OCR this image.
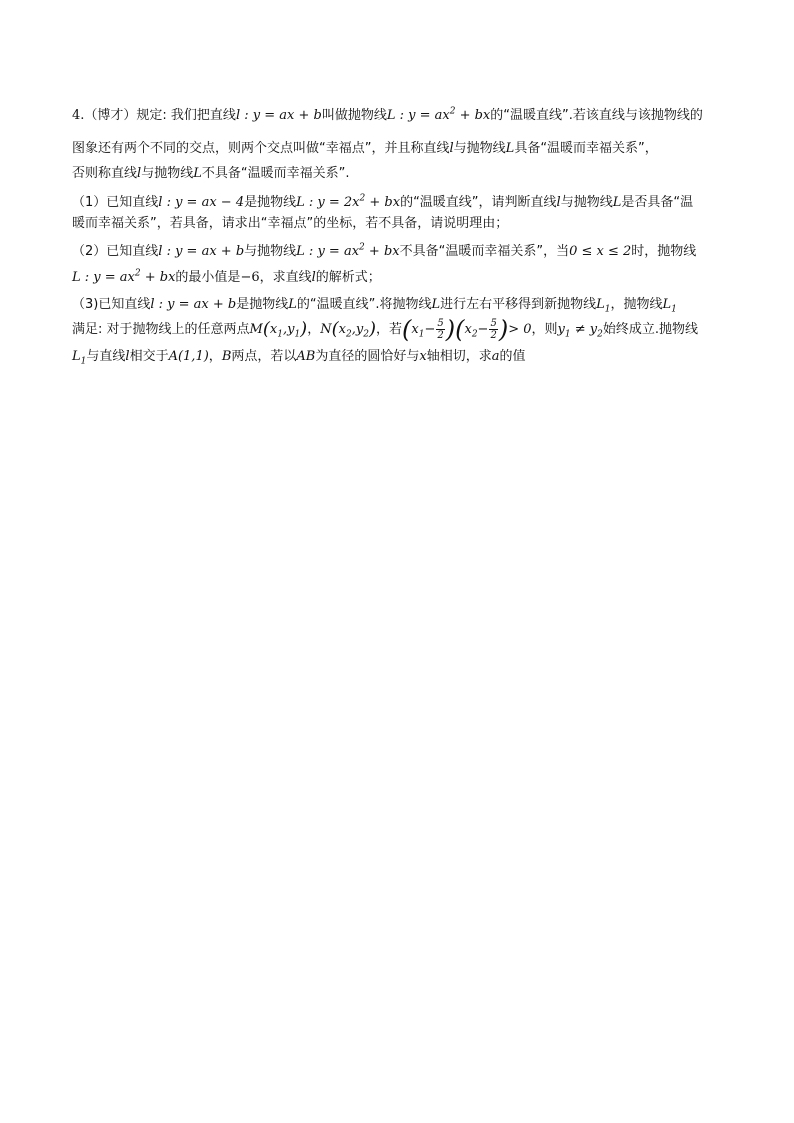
4.（博才）规定: 我们把直线l : y = ax + b叫做抛物线L : $y = ax^2$ + bx的“温暖直线”.若该直线与该抛物线的
图象还有两个不同的交点，则两个交点叫做“幸福点”，并且称直线l与抛物线L具备“温暖而幸福关系”，
否则称直线l与抛物线L不具备“温暖而幸福关系”.
（1）已知直线l : y = ax − 4是抛物线L : $y = 2x^2$ + bx的“温暖直线”，请判断直线l与抛物线L是否具备“温
暖而幸福关系”，若具备，请求出“幸福点”的坐标，若不具备，请说明理由；
（2）已知直线l : y = ax + b与抛物线L : $y = ax^2$ + bx不具备“温暖而幸福关系”，当0 ≤ x ≤ 2时，抛物线
L : $y = ax^2$ + bx的最小值是−6，求直线l的解析式；
（3)已知直线l : y = ax + b是抛物线L的“温暖直线”.将抛物线L进行左右平移得到新抛物线$L_1$，抛物线$L_1$
满足: 对于抛物线上的任意两点$M(x_1,y_1)$，$N(x_2,y_2)$，若$(x_1- \frac{5}{2} )(x_2- \frac{5}{2}$ )> 0，则$y_1 \ne y_2$始终成立.抛物线
$L_1$与直线l相交于A(1,1)，B两点，若以AB为直径的圆恰好与x轴相切，求a的值
